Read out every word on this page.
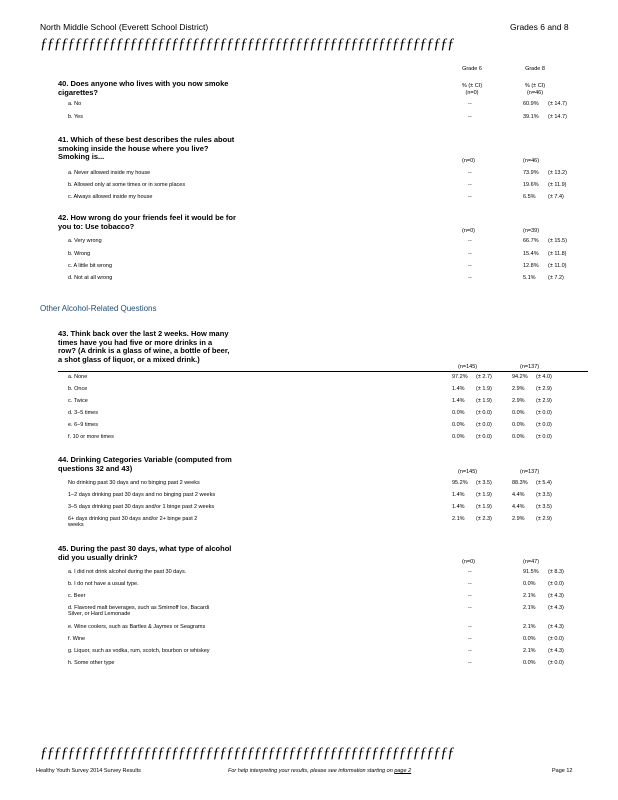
North Middle School (Everett School District)	Grades 6 and 8
ƒƒƒƒƒƒƒƒƒƒƒƒƒƒƒƒƒƒƒƒƒƒƒƒƒƒƒƒƒƒƒƒƒƒƒƒƒƒƒƒƒƒƒƒƒƒƒƒƒƒƒƒƒƒƒƒƒƒƒƒ
Grade 6	Grade 8
% (± CI)	% (± CI)
(n=0)	(n=46)
40. Does anyone who lives with you now smoke
cigarettes?
a. No	--	60.9% (± 14.7)
b. Yes	--	39.1% (± 14.7)
41. Which of these best describes the rules about
smoking inside the house where you live?
Smoking is...	(n=0)	(n=46)
a. Never allowed inside my house	--	73.9% (± 13.2)
b. Allowed only at some times or in some places	--	19.6% (± 11.9)
c. Always allowed inside my house	--	6.5% (± 7.4)
42. How wrong do your friends feel it would be for
you to: Use tobacco?
(n=0)	(n=39)
a. Very wrong	--	66.7% (± 15.5)
b. Wrong	--	15.4% (± 11.8)
c. A little bit wrong	--	12.8% (± 11.0)
d. Not at all wrong	--	5.1% (± 7.2)
Other Alcohol-Related Questions
43. Think back over the last 2 weeks. How many
times have you had five or more drinks in a
row? (A drink is a glass of wine, a bottle of beer,
a shot glass of liquor, or a mixed drink.)
(n=145)	(n=137)
a. None	97.2% (± 2.7)	94.2% (± 4.0)
b. Once	1.4% (± 1.9)	2.9% (± 2.9)
c. Twice	1.4% (± 1.9)	2.9% (± 2.9)
d. 3–5 times	0.0% (± 0.0)	0.0% (± 0.0)
e. 6–9 times	0.0% (± 0.0)	0.0% (± 0.0)
f. 10 or more times	0.0% (± 0.0)	0.0% (± 0.0)
44. Drinking Categories Variable (computed from
questions 32 and 43)	(n=145)	(n=137)
No drinking past 30 days and no binging past 2 weeks	95.2% (± 3.5)	88.3% (± 5.4)
1–2 days drinking past 30 days and no binging past 2 weeks	1.4% (± 1.9)	4.4% (± 3.5)
3–5 days drinking past 30 days and/or 1 binge past 2 weeks	1.4% (± 1.9)	4.4% (± 3.5)
6+ days drinking past 30 days and/or 2+ binge past 2
weeks
2.1% (± 2.3)	2.9% (± 2.9)
45. During the past 30 days, what type of alcohol
did you usually drink?
(n=0)	(n=47)
a. I did not drink alcohol during the past 30 days.	--	91.5% (± 8.3)
b. I do not have a usual type.	--	0.0% (± 0.0)
c. Beer	--	2.1% (± 4.3)
d. Flavored malt beverages, such as Smirnoff Ice, Bacardi
Silver, or Hard Lemonade
--	2.1% (± 4.3)
e. Wine coolers, such as Bartles & Jaymes or Seagrams	--	2.1% (± 4.3)
f. Wine	--	0.0% (± 0.0)
g. Liquor, such as vodka, rum, scotch, bourbon or whiskey	--	2.1% (± 4.3)
h. Some other type	--	0.0% (± 0.0)
ƒƒƒƒƒƒƒƒƒƒƒƒƒƒƒƒƒƒƒƒƒƒƒƒƒƒƒƒƒƒƒƒƒƒƒƒƒƒƒƒƒƒƒƒƒƒƒƒƒƒƒƒƒƒƒƒƒƒƒƒ
Healthy Youth Survey 2014 Survey Results	For help interpreting your results, please see information starting on page 2	Page 12
